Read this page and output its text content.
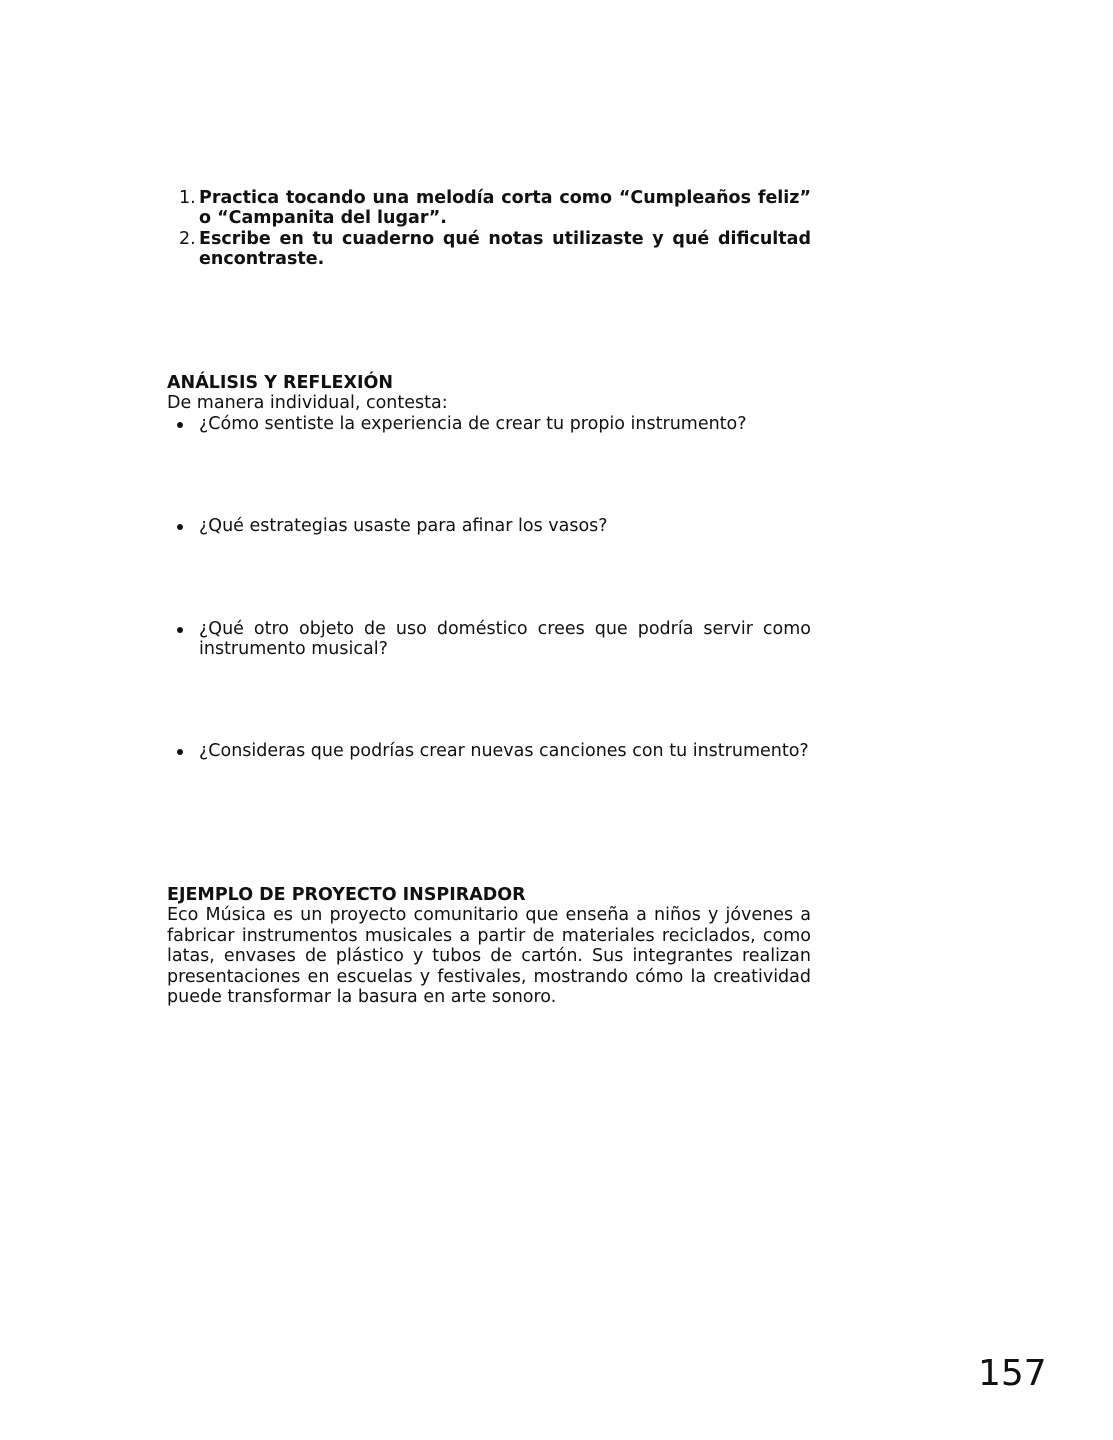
1. Practica tocando una melodía corta como “Cumpleaños feliz” o “Campanita del lugar”.
2. Escribe en tu cuaderno qué notas utilizaste y qué dificultad encontraste.

ANÁLISIS Y REFLEXIÓN

De manera individual, contesta:

¿Cómo sentiste la experiencia de crear tu propio instrumento?
¿Qué estrategias usaste para afinar los vasos?
¿Qué otro objeto de uso doméstico crees que podría servir como instrumento musical?
¿Consideras que podrías crear nuevas canciones con tu instrumento?

EJEMPLO DE PROYECTO INSPIRADOR

Eco Música es un proyecto comunitario que enseña a niños y jóvenes a fabricar instrumentos musicales a partir de materiales reciclados, como latas, envases de plástico y tubos de cartón. Sus integrantes realizan presentaciones en escuelas y festivales, mostrando cómo la creatividad puede transformar la basura en arte sonoro.

157
